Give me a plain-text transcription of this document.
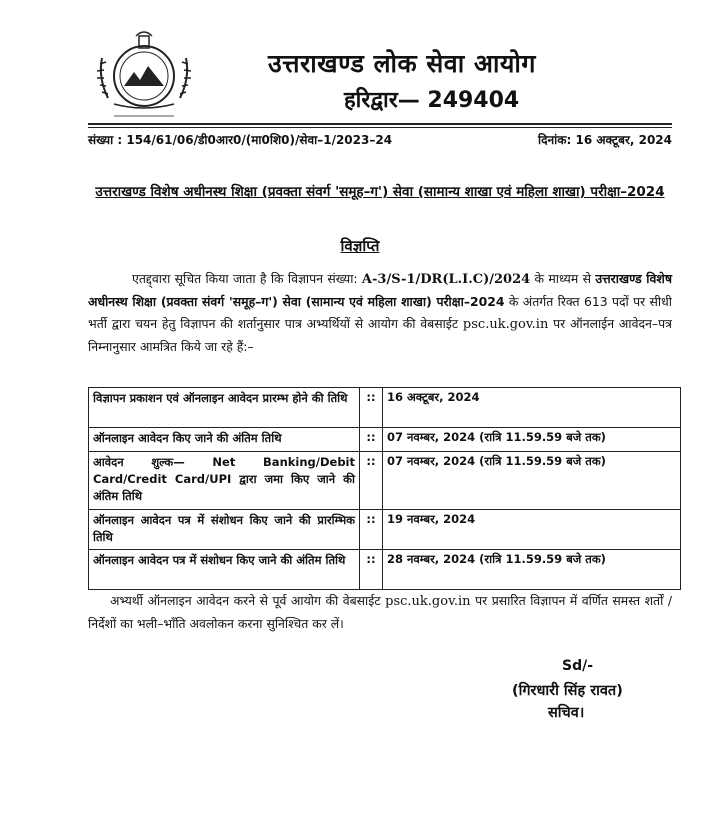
उत्तराखण्ड लोक सेवा आयोग
हरिद्वार— 249404
संख्या : 154/61/06/डी0आर0/(मा0शि0)/सेवा–1/2023–24	दिनांक: 16 अक्टूबर, 2024
उत्तराखण्ड विशेष अधीनस्थ शिक्षा (प्रवक्ता संवर्ग 'समूह–ग') सेवा (सामान्य शाखा एवं महिला शाखा) परीक्षा–2024
विज्ञप्ति
एतद्द्वारा सूचित किया जाता है कि विज्ञापन संख्या: A-3/S-1/DR(L.I.C)/2024 के माध्यम से उत्तराखण्ड विशेष अधीनस्थ शिक्षा (प्रवक्ता संवर्ग 'समूह–ग') सेवा (सामान्य एवं महिला शाखा) परीक्षा–2024 के अंतर्गत रिक्त 613 पदों पर सीधी भर्ती द्वारा चयन हेतु विज्ञापन की शर्तानुसार पात्र अभ्यर्थियों से आयोग की वेबसाईट psc.uk.gov.in पर ऑनलाईन आवेदन–पत्र निम्नानुसार आमत्रित किये जा रहे हैं:–
विज्ञापन प्रकाशन एवं ऑनलाइन आवेदन प्रारम्भ होने की तिथि	::	16 अक्टूबर, 2024
ऑनलाइन आवेदन किए जाने की अंतिम तिथि	::	07 नवम्बर, 2024 (रात्रि 11.59.59 बजे तक)
आवेदन शुल्क— Net Banking/Debit Card/Credit Card/UPI द्वारा जमा किए जाने की अंतिम तिथि	::	07 नवम्बर, 2024 (रात्रि 11.59.59 बजे तक)
ऑनलाइन आवेदन पत्र में संशोधन किए जाने की प्रारम्भिक तिथि	::	19 नवम्बर, 2024
ऑनलाइन आवेदन पत्र में संशोधन किए जाने की अंतिम तिथि	::	28 नवम्बर, 2024 (रात्रि 11.59.59 बजे तक)
अभ्यर्थी ऑनलाइन आवेदन करने से पूर्व आयोग की वेबसाईट psc.uk.gov.in पर प्रसारित विज्ञापन में वर्णित समस्त शर्तों / निर्देशों का भली–भाँति अवलोकन करना सुनिश्चित कर लें।
Sd/-
(गिरधारी सिंह रावत)
सचिव।
